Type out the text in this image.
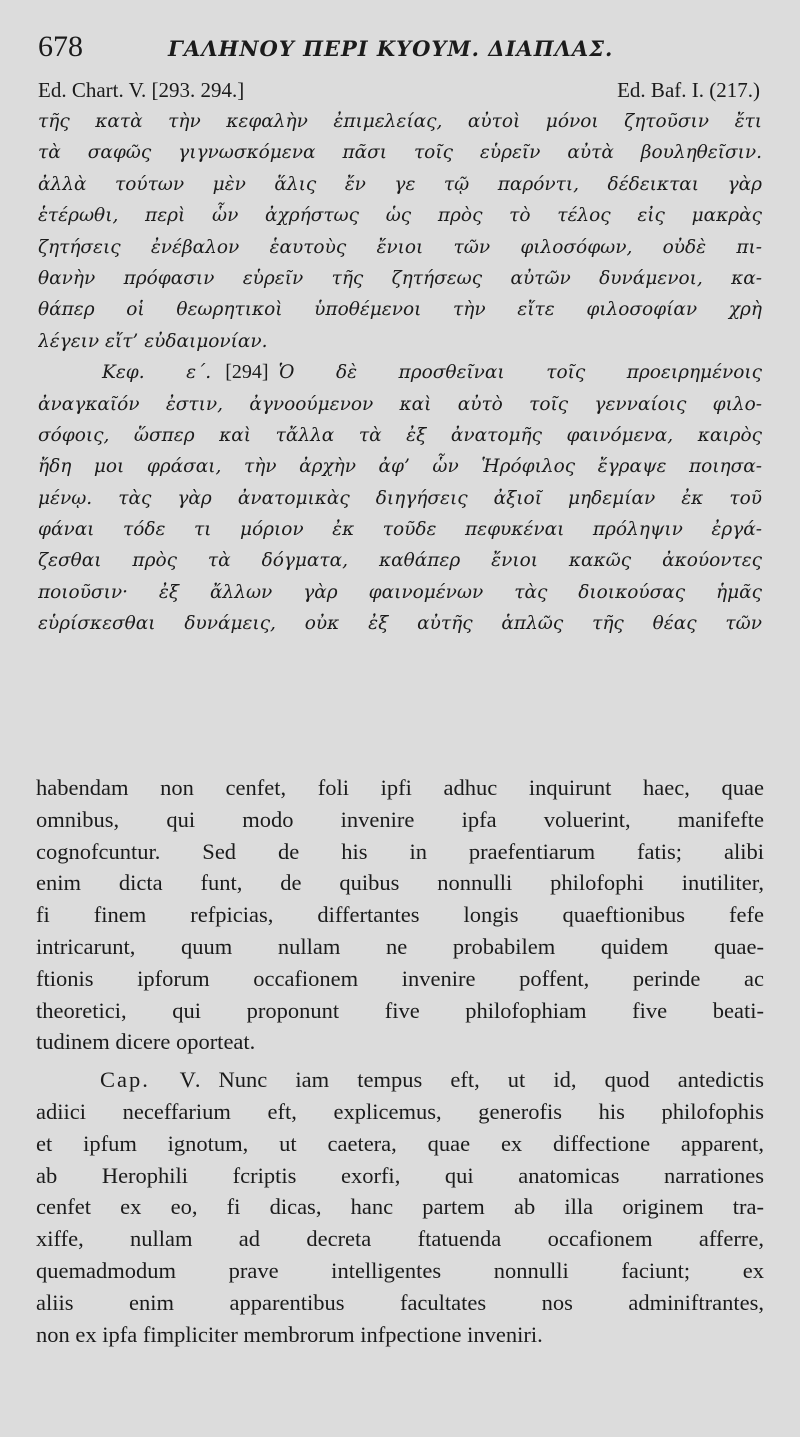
678	ΓΑΛΗΝΟΥ ΠΕΡΙ ΚΥΟΥΜ. ΔΙΑΠΛΑΣ.
Ed. Chart. V. [293. 294.]	Ed. Baf. I. (217.)
τῆς κατὰ τὴν κεφαλὴν ἐπιμελείας, αὐτοὶ μόνοι ζητοῦσιν ἔτι
τὰ σαφῶς γιγνωσκόμενα πᾶσι τοῖς εὑρεῖν αὐτὰ βουληθεῖσιν.
ἀλλὰ τούτων μὲν ἅλις ἔν γε τῷ παρόντι, δέδεικται γὰρ
ἑτέρωθι, περὶ ὧν ἀχρήστως ὡς πρὸς τὸ τέλος εἰς μακρὰς
ζητήσεις ἐνέβαλον ἑαυτοὺς ἔνιοι τῶν φιλοσόφων, οὐδὲ πι-
θανὴν πρόφασιν εὑρεῖν τῆς ζητήσεως αὐτῶν δυνάμενοι, κα-
θάπερ οἱ θεωρητικοὶ ὑποθέμενοι τὴν εἴτε φιλοσοφίαν χρὴ
λέγειν εἴτ’ εὐδαιμονίαν.
Κεφ. ε΄. [294] Ὁ δὲ προσθεῖναι τοῖς προειρημένοις
ἀναγκαῖόν ἐστιν, ἀγνοούμενον καὶ αὐτὸ τοῖς γενναίοις φιλο-
σόφοις, ὥσπερ καὶ τἄλλα τὰ ἐξ ἀνατομῆς φαινόμενα, καιρὸς
ἤδη μοι φράσαι, τὴν ἀρχὴν ἀφ’ ὧν Ἡρόφιλος ἔγραψε ποιησα-
μένῳ. τὰς γὰρ ἀνατομικὰς διηγήσεις ἀξιοῖ μηδεμίαν ἐκ τοῦ
φάναι τόδε τι μόριον ἐκ τοῦδε πεφυκέναι πρόληψιν ἐργά-
ζεσθαι πρὸς τὰ δόγματα, καθάπερ ἔνιοι κακῶς ἀκούοντες
ποιοῦσιν· ἐξ ἄλλων γὰρ φαινομένων τὰς διοικούσας ἡμᾶς
εὑρίσκεσθαι δυνάμεις, οὐκ ἐξ αὐτῆς ἁπλῶς τῆς θέας τῶν
habendam non cenfet, foli ipfi adhuc inquirunt haec, quae
omnibus, qui modo invenire ipfa voluerint, manifefte
cognofcuntur. Sed de his in praefentiarum fatis; alibi
enim dicta funt, de quibus nonnulli philofophi inutiliter,
fi finem refpicias, differtantes longis quaeftionibus fefe
intricarunt, quum nullam ne probabilem quidem quae-
ftionis ipforum occafionem invenire poffent, perinde ac
theoretici, qui proponunt five philofophiam five beati-
tudinem dicere oporteat.
Cap. V. Nunc iam tempus eft, ut id, quod antedictis
adiici neceffarium eft, explicemus, generofis his philofophis
et ipfum ignotum, ut caetera, quae ex diffectione apparent,
ab Herophili fcriptis exorfi, qui anatomicas narrationes
cenfet ex eo, fi dicas, hanc partem ab illa originem tra-
xiffe, nullam ad decreta ftatuenda occafionem afferre,
quemadmodum prave intelligentes nonnulli faciunt; ex
aliis enim apparentibus facultates nos adminiftrantes,
non ex ipfa fimpliciter membrorum infpectione inveniri.
